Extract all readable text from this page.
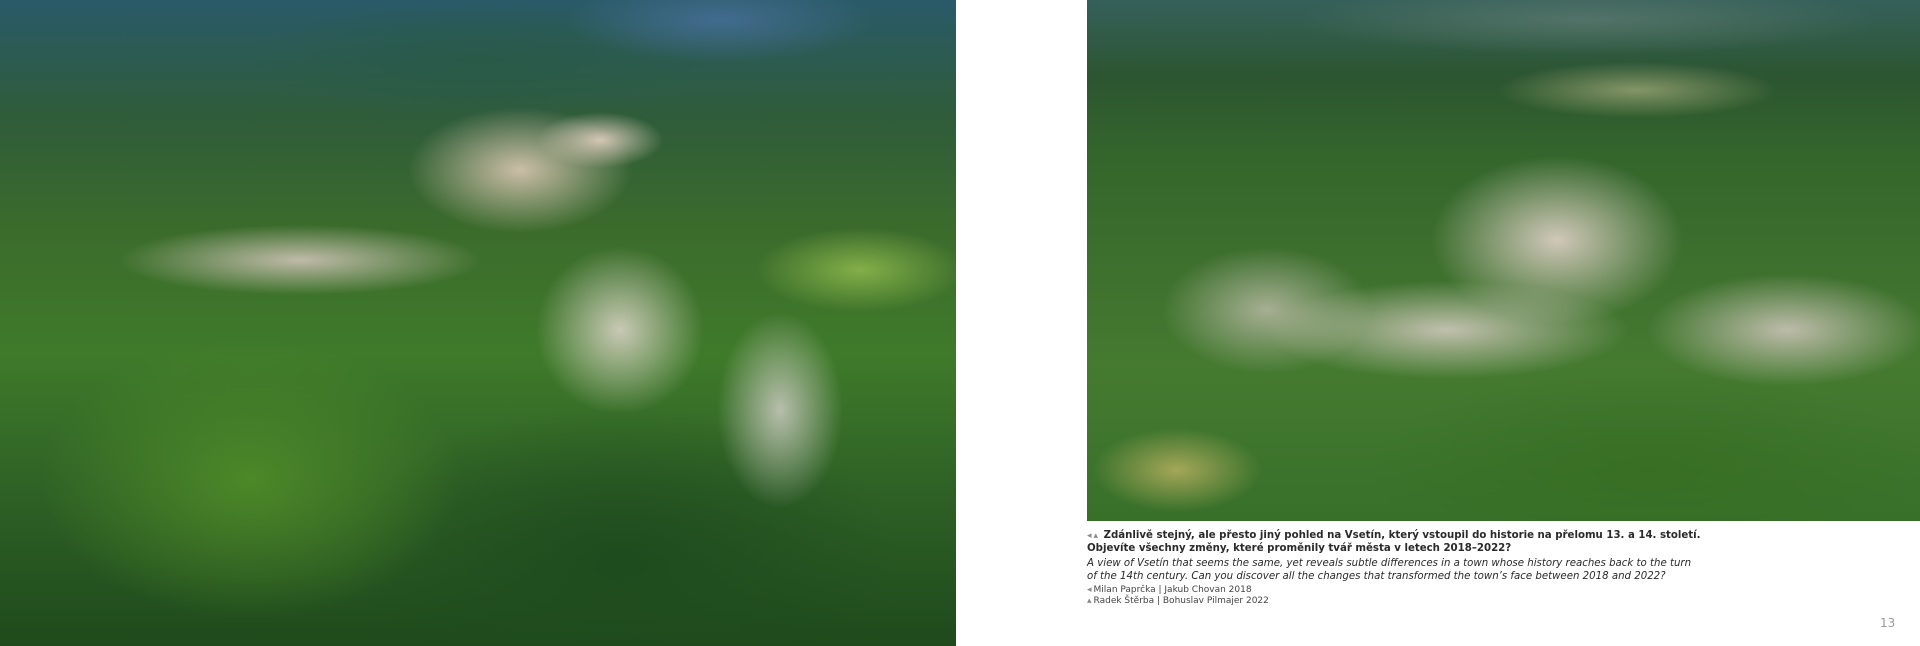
◂ ▴ Zdánlivě stejný, ale přesto jiný pohled na Vsetín, který vstoupil do historie na přelomu 13. a 14. století.
Objevíte všechny změny, které proměnily tvář města v letech 2018–2022?
A view of Vsetín that seems the same, yet reveals subtle differences in a town whose history reaches back to the turn
of the 14th century. Can you discover all the changes that transformed the town’s face between 2018 and 2022?
◂ Milan Paprčka | Jakub Chovan 2018
▴ Radek Štěrba | Bohuslav Pilmajer 2022
13
